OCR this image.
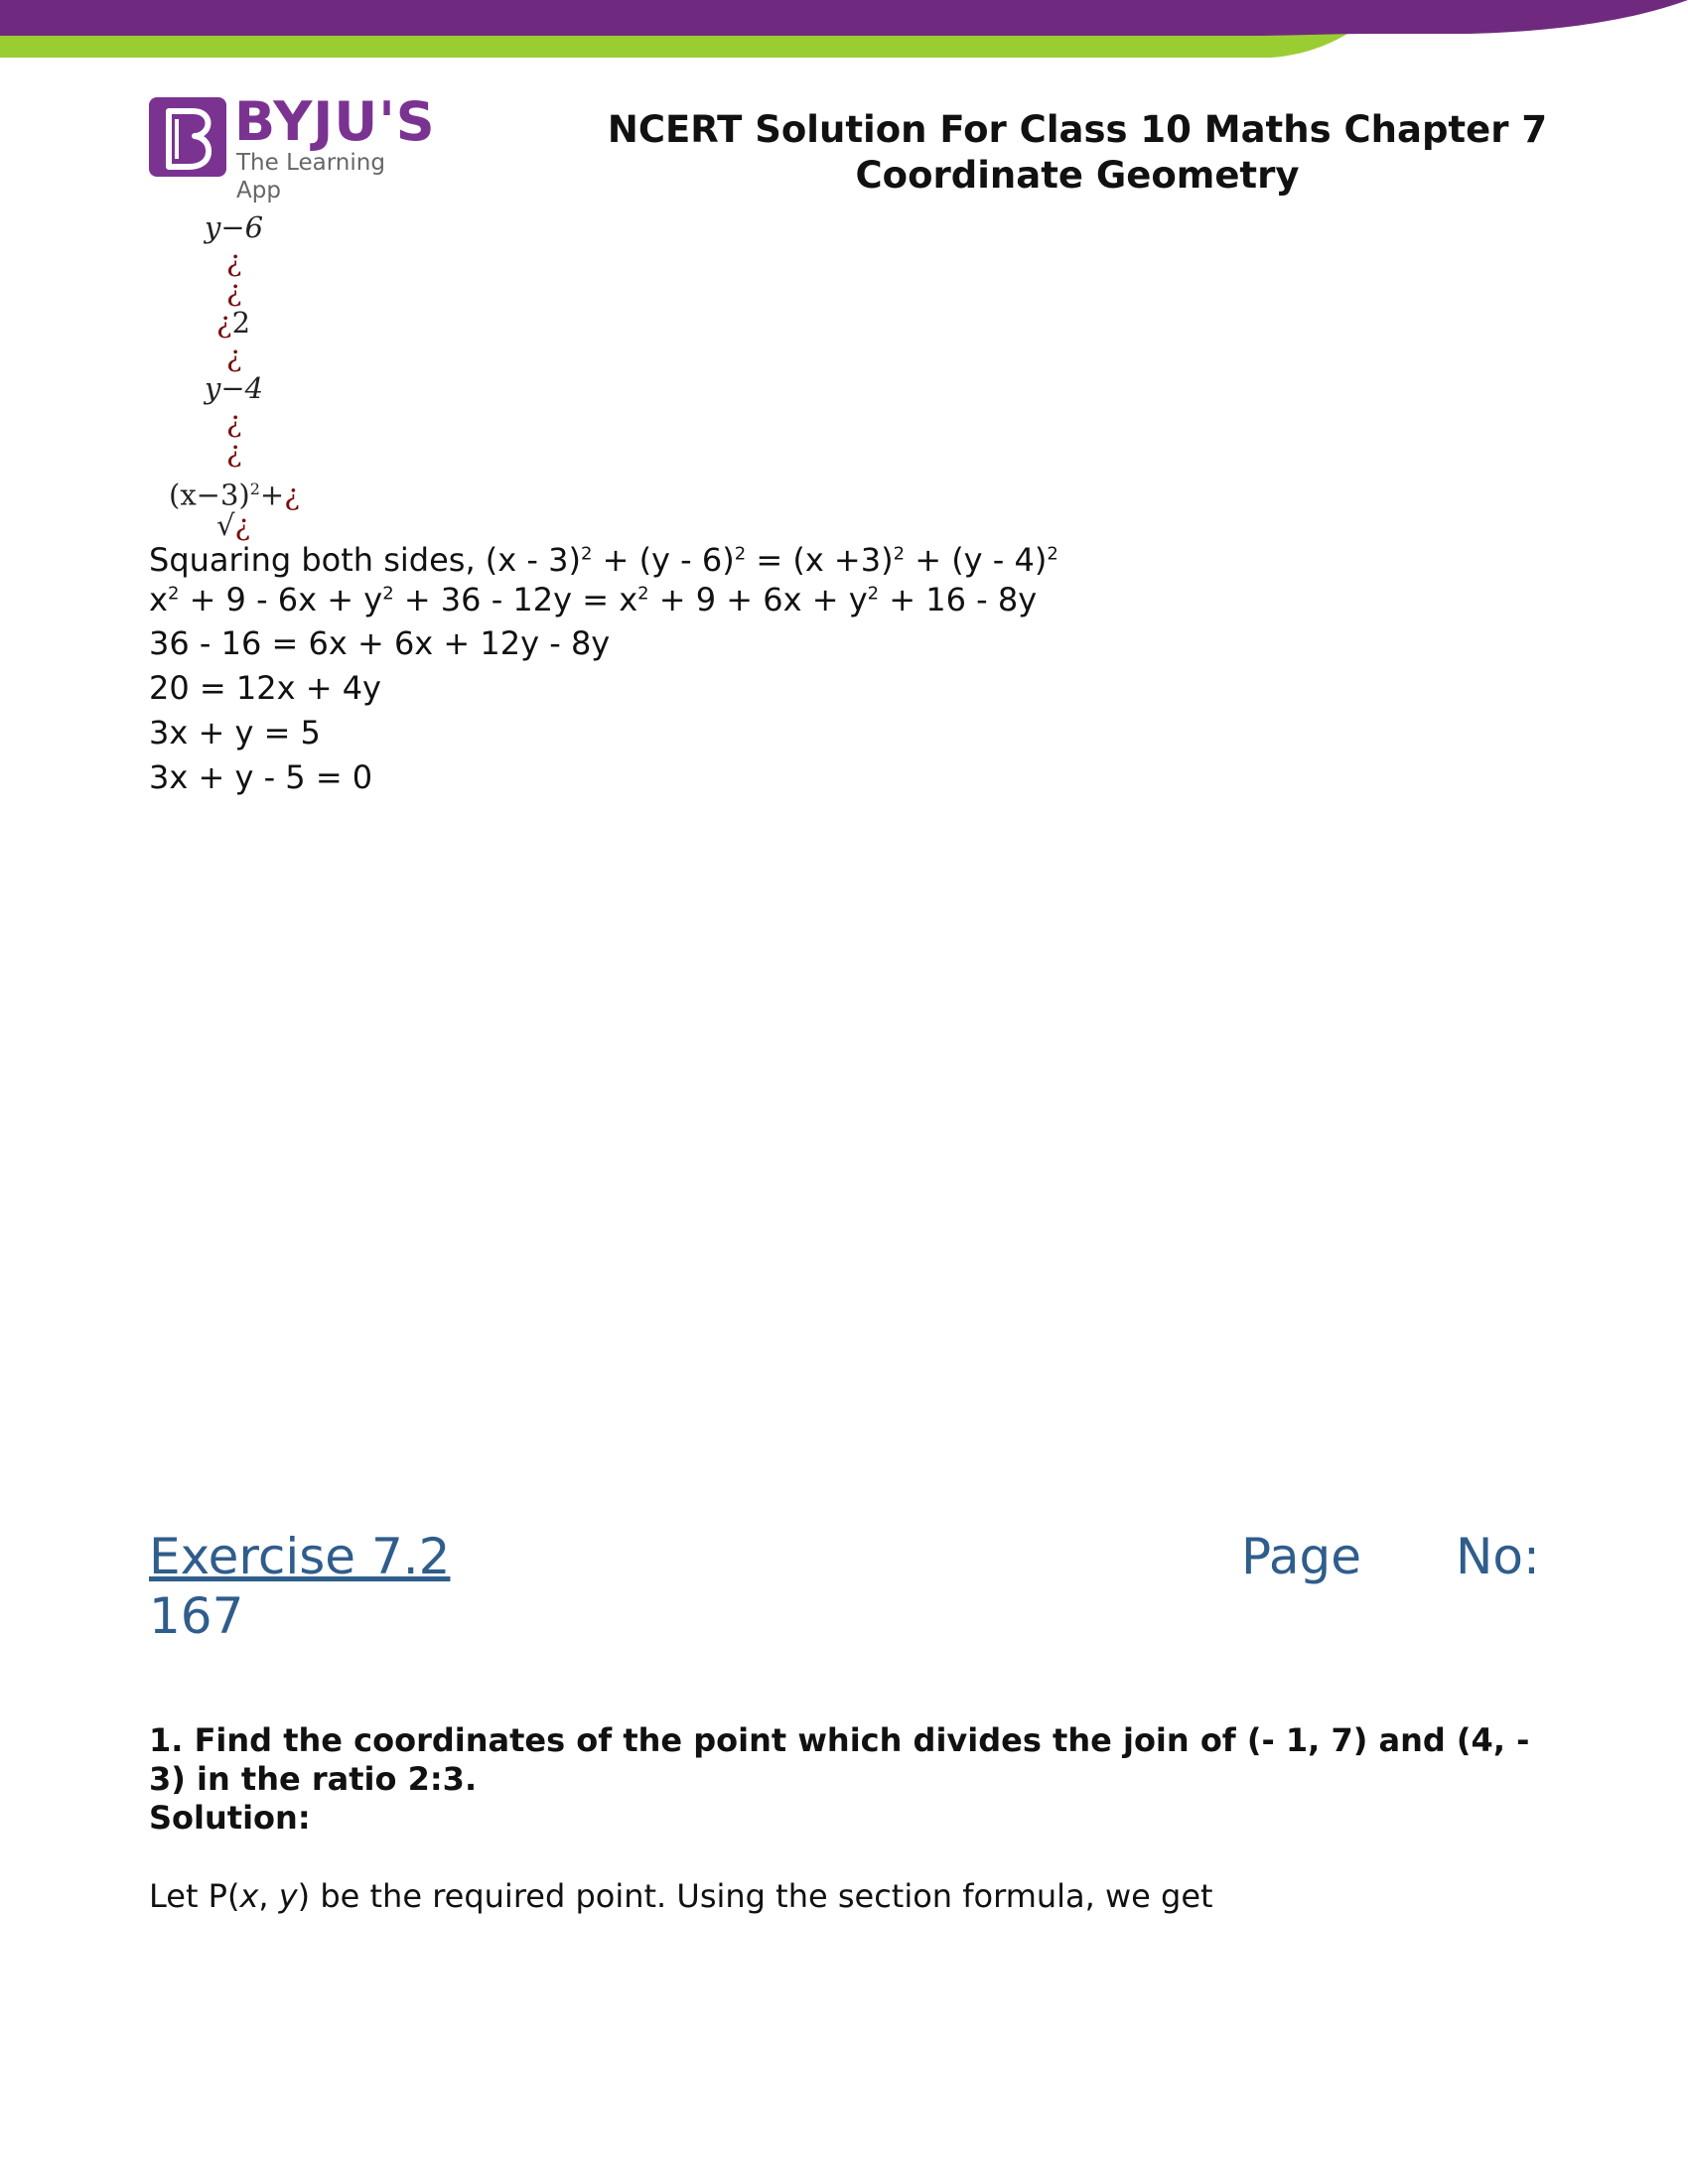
BYJU'S
The Learning App
NCERT Solution For Class 10 Maths Chapter 7
Coordinate Geometry
y−6
¿
¿
¿2
¿
y−4
¿
¿
$(x-3)^2+¿$
√¿
Squaring both sides, $(x - 3)^2 + (y - 6)^2 = (x +3)^2 + (y - 4)^2$
$x^2 + 9 - 6x + y^2 + 36 - 12y = x^2 + 9 + 6x + y^2 + 16 - 8y$
36 - 16 = 6x + 6x + 12y - 8y
20 = 12x + 4y
3x + y = 5
3x + y - 5 = 0
Exercise 7.2	Page No:
167
1. Find the coordinates of the point which divides the join of (- 1, 7) and (4, - 3) in the ratio 2:3.
Solution:
Let P(x, y) be the required point. Using the section formula, we get
